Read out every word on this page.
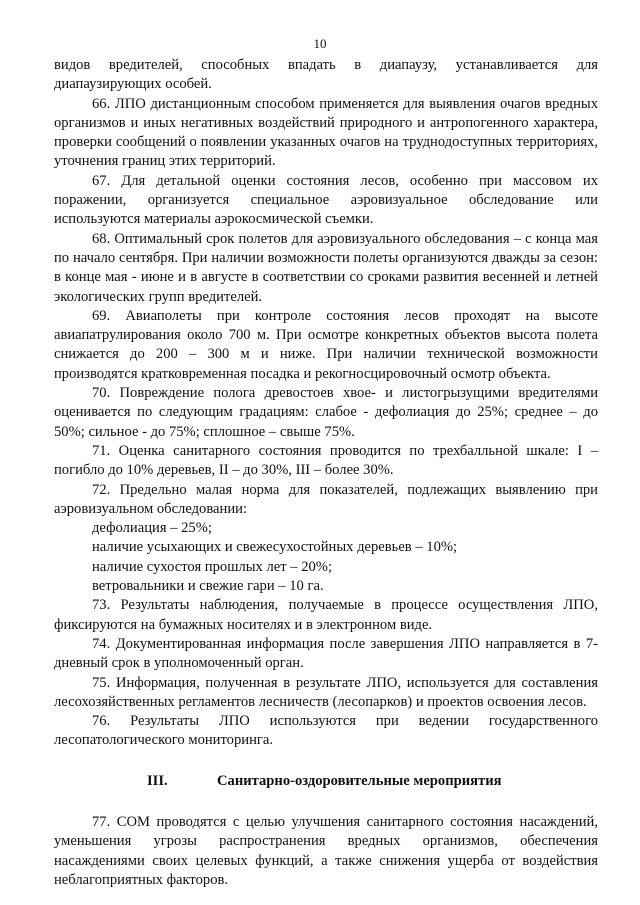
10

видов вредителей, способных впадать в диапаузу, устанавливается для диапаузирующих особей.

66. ЛПО дистанционным способом применяется для выявления очагов вредных организмов и иных негативных воздействий природного и антропогенного характера, проверки сообщений о появлении указанных очагов на труднодоступных территориях, уточнения границ этих территорий.

67. Для детальной оценки состояния лесов, особенно при массовом их поражении, организуется специальное аэровизуальное обследование или используются материалы аэрокосмической съемки.

68. Оптимальный срок полетов для аэровизуального обследования – с конца мая по начало сентября. При наличии возможности полеты организуются дважды за сезон: в конце мая - июне и в августе в соответствии со сроками развития весенней и летней экологических групп вредителей.

69. Авиаполеты при контроле состояния лесов проходят на высоте авиапатрулирования около 700 м. При осмотре конкретных объектов высота полета снижается до 200 – 300 м и ниже. При наличии технической возможности производятся кратковременная посадка и рекогносцировочный осмотр объекта.

70. Повреждение полога древостоев хвое- и листогрызущими вредителями оценивается по следующим градациям: слабое - дефолиация до 25%; среднее – до 50%; сильное - до 75%; сплошное – свыше 75%.

71. Оценка санитарного состояния проводится по трехбалльной шкале: I – погибло до 10% деревьев, II – до 30%, III – более 30%.

72. Предельно малая норма для показателей, подлежащих выявлению при аэровизуальном обследовании:

дефолиация – 25%;

наличие усыхающих и свежесухостойных деревьев – 10%;

наличие сухостоя прошлых лет – 20%;

ветровальники и свежие гари – 10 га.

73. Результаты наблюдения, получаемые в процессе осуществления ЛПО, фиксируются на бумажных носителях и в электронном виде.

74. Документированная информация после завершения ЛПО направляется в 7-дневный срок в уполномоченный орган.

75. Информация, полученная в результате ЛПО, используется для составления лесохозяйственных регламентов лесничеств (лесопарков) и проектов освоения лесов.

76. Результаты ЛПО используются при ведении государственного лесопатологического мониторинга.

III.	Санитарно-оздоровительные мероприятия

77. СОМ проводятся с целью улучшения санитарного состояния насаждений, уменьшения угрозы распространения вредных организмов, обеспечения насаждениями своих целевых функций, а также снижения ущерба от воздействия неблагоприятных факторов.
